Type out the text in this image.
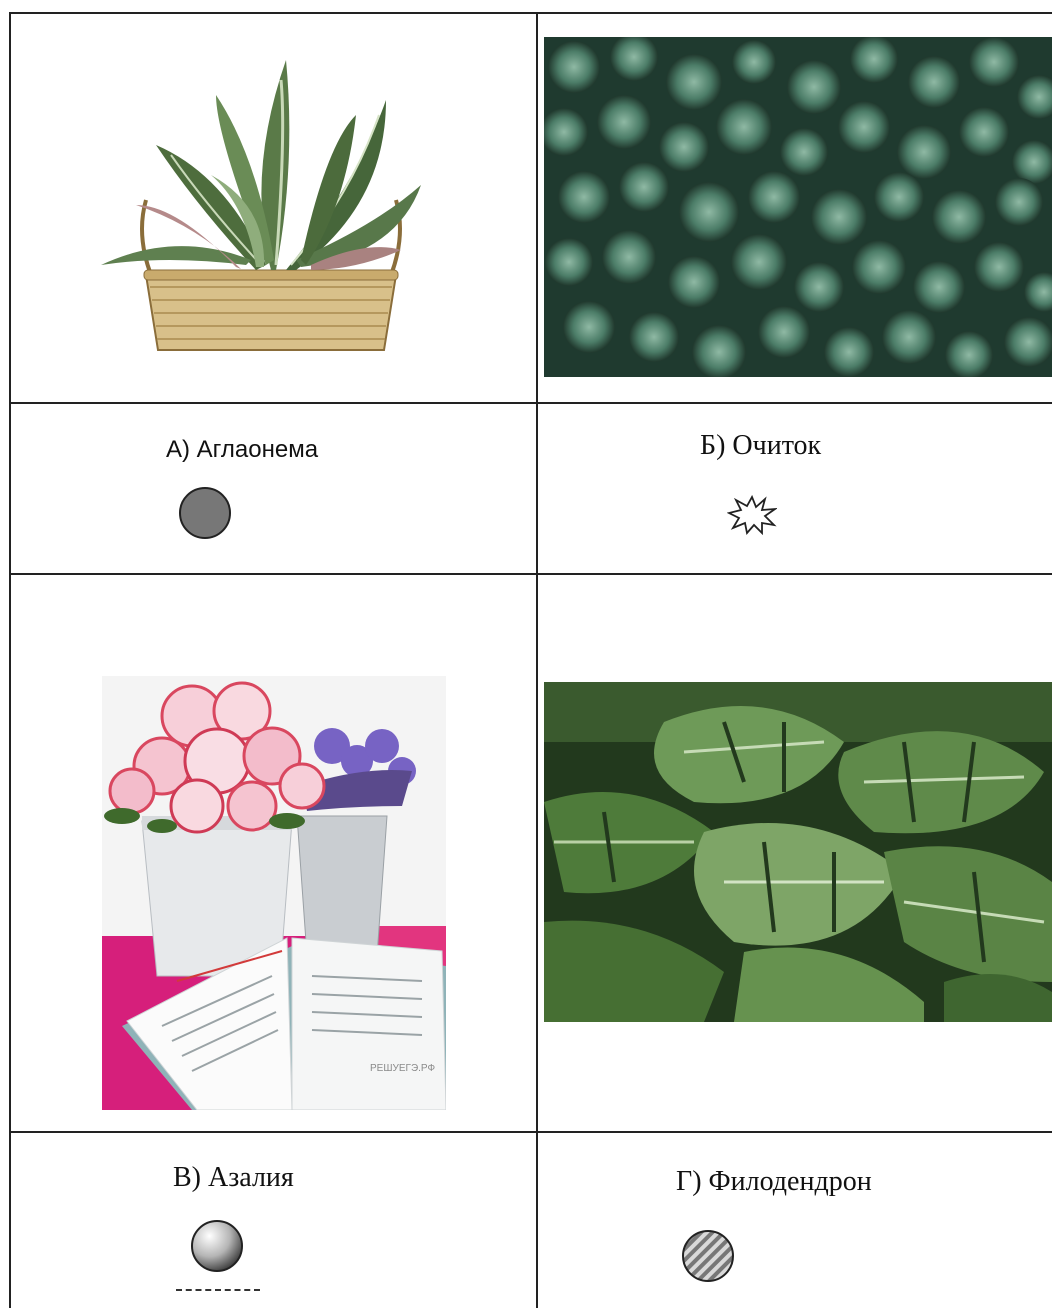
А) Аглаонема	Б) Очиток
РЕШУЕГЭ.РФ
В) Азалия	Г) Филодендрон
